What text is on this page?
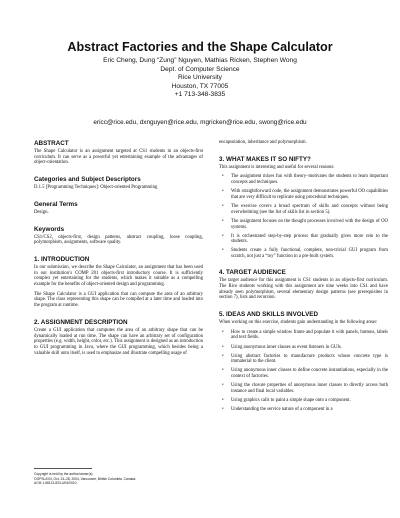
Abstract Factories and the Shape Calculator
Eric Cheng, Dung “Zung” Nguyen, Mathias Ricken, Stephen Wong
Dept. of Computer Science
Rice University
Houston, TX 77005
+1 713-348-3835
ericc@rice.edu, dxnguyen@rice.edu, mgricken@rice.edu, swong@rice.edu
ABSTRACT

The Shape Calculator is an assignment targeted at CS1 students in an objects-first curriculum. It can serve as a powerful yet entertaining example of the advantages of object-orientation.

Categories and Subject Descriptors

D.1.5 [Programming Techniques]: Object-oriented Programming

General Terms

Design.

Keywords

CS1/CS2, objects-first, design patterns, abstract coupling, loose coupling, polymorphism, assignments, software quality.

1. INTRODUCTION

In our submission, we describe the Shape Calculator, an assignment that has been used in our institution’s COMP 201 objects-first introductory course. It is sufficiently complex yet entertaining for the students, which makes it suitable as a compelling example for the benefits of object-oriented design and programming.

The Shape Calculator is a GUI application that can compute the area of an arbitrary shape. The class representing this shape can be compiled at a later time and loaded into the program at runtime.

2. ASSIGNMENT DESCRIPTION

Create a GUI application that computes the area of an arbitrary shape that can be dynamically loaded at run time. The shape can have an arbitrary set of configuration properties (e.g. width, height, color, etc.). This assignment is designed as an introduction to GUI programming in Java, where the GUI programming, which besides being a valuable skill unto itself, is used to emphasize and illustrate compelling usage of

Copyright is held by the author/owner(s).
OOPSLA’04, Oct. 24–28, 2004, Vancouver, British Columbia, Canada.
ACM 1-58113-833-4/04/0010.

encapsulation, inheritance and polymorphism.

3. WHAT MAKES IT SO NIFTY?

This assignment is interesting and useful for several reasons:

• The assignment mixes fun with theory–motivates the students to learn important concepts and techniques.
• With straightforward code, the assignment demonstrates powerful OO capabilities that are very difficult to replicate using procedural techniques.
• The exercise covers a broad spectrum of skills and concepts without being overwhelming (see the list of skills list in section 5).
• The assignment focuses on the thought processes involved with the design of OO systems.
• It is orchestrated step-by-step process that gradually gives more rein to the students.
• Students create a fully functional, complete, non-trivial GUI program from scratch, not just a “toy” function in a pre-built system.
4. TARGET AUDIENCE

The target audience for this assignment is CS1 students in an objects-first curriculum. The Rice students working with this assignment are nine weeks into CS1 and have already seen polymorphism, several elementary design patterns (see prerequisites in section 7), lists and recursion.

5. IDEAS AND SKILLS INVOLVED

When working on this exercise, students gain understanding in the following areas:

• How to create a simple window frame and populate it with panels, buttons, labels and text fields.
• Using anonymous inner classes as event listeners in GUIs.
• Using abstract factories to manufacture products whose concrete type is immaterial to the client.
• Using anonymous inner classes to define concrete instantiations, especially in the context of factories.
• Using the closure properties of anonymous inner classes to directly access both instance and final local variables.
• Using graphics calls to paint a simple shape onto a component.
• Understanding the service nature of a component in a
